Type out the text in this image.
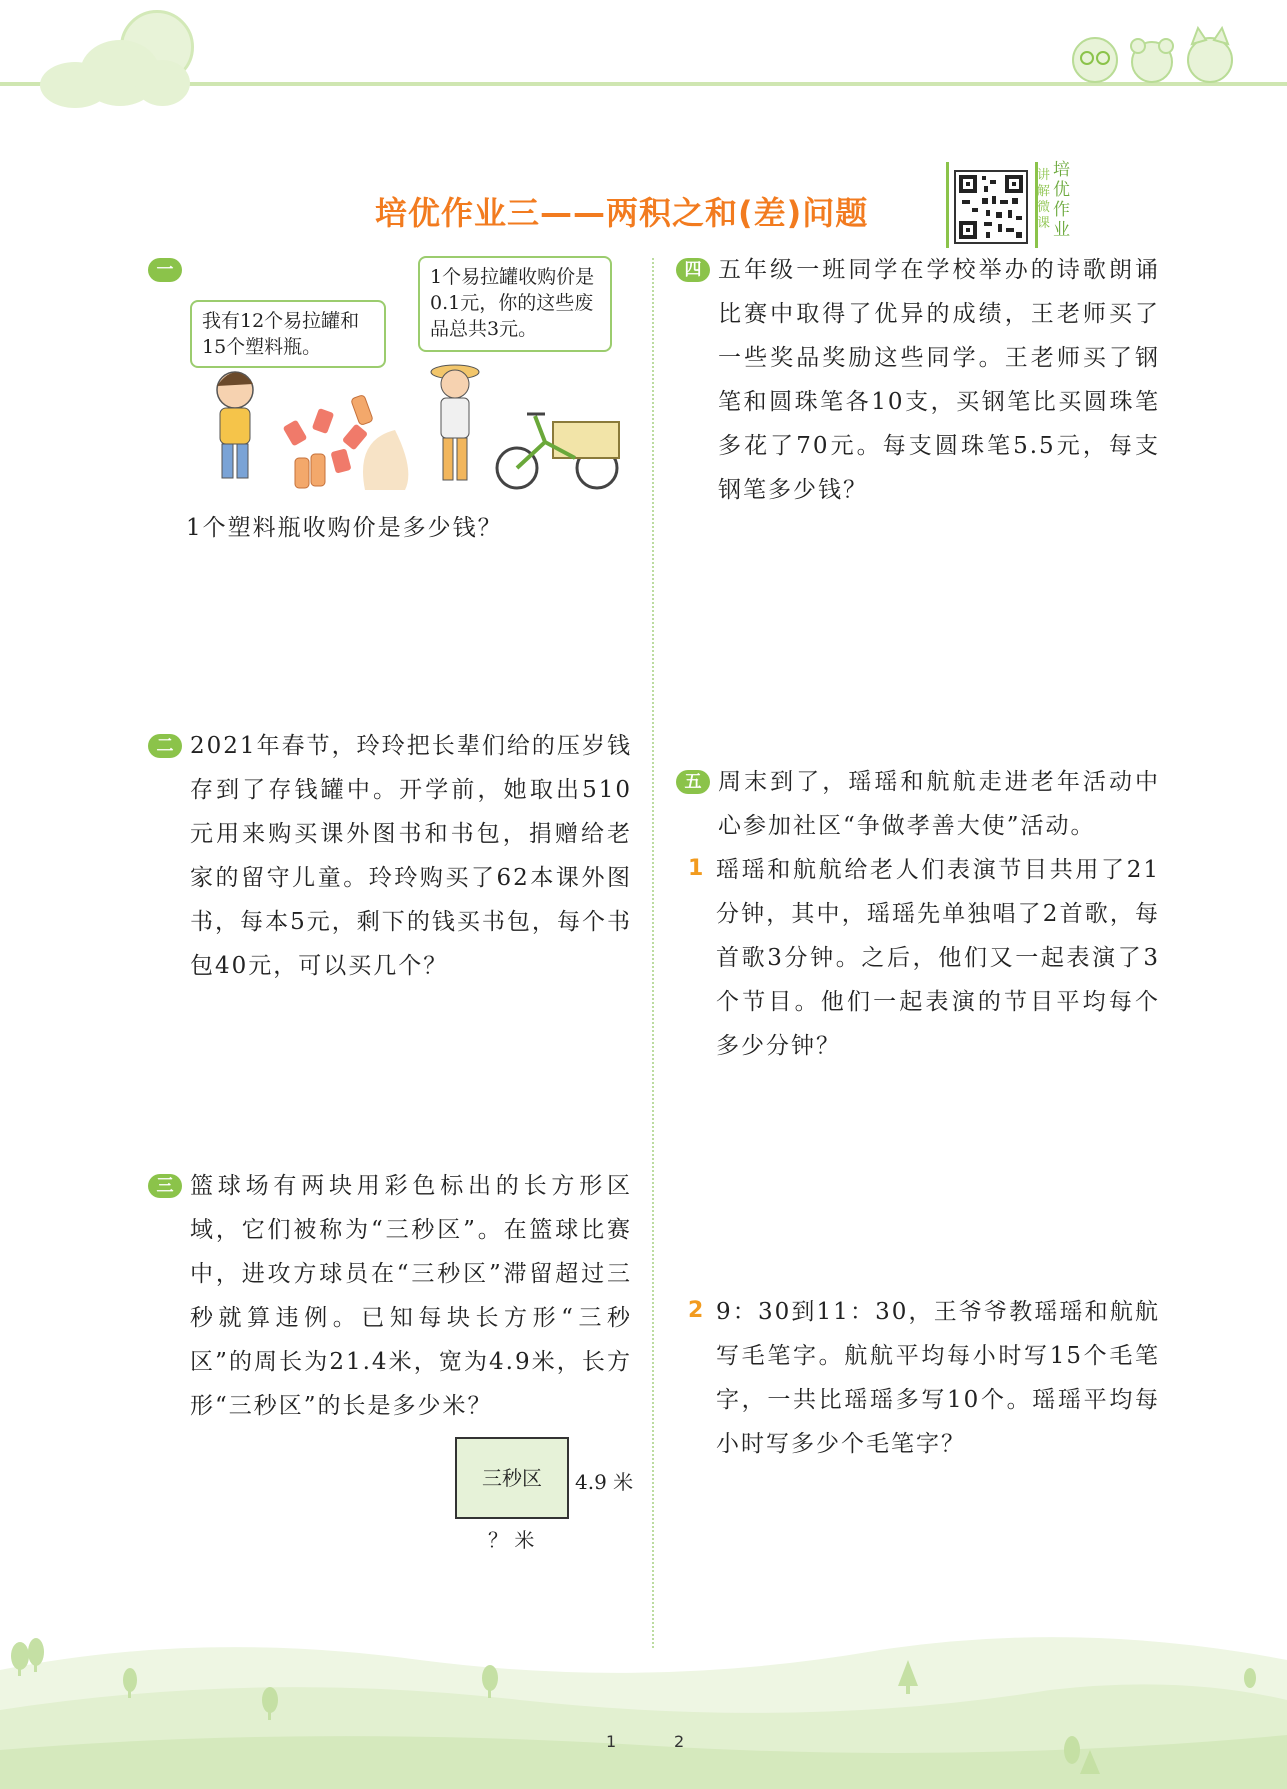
培优作业三——两积之和(差)问题
讲
解
微
课
培
优
作
业
一
我有12个易拉罐和15个塑料瓶。
1个易拉罐收购价是0.1元，你的这些废品总共3元。
1个塑料瓶收购价是多少钱？
二 2021年春节，玲玲把长辈们给的压岁钱存到了存钱罐中。开学前，她取出510元用来购买课外图书和书包，捐赠给老家的留守儿童。玲玲购买了62本课外图书，每本5元，剩下的钱买书包，每个书包40元，可以买几个？
三 篮球场有两块用彩色标出的长方形区域，它们被称为“三秒区”。在篮球比赛中，进攻方球员在“三秒区”滞留超过三秒就算违例。已知每块长方形“三秒区”的周长为21.4米，宽为4.9米，长方形“三秒区”的长是多少米？
三秒区	4.9 米
？ 米
四 五年级一班同学在学校举办的诗歌朗诵比赛中取得了优异的成绩，王老师买了一些奖品奖励这些同学。王老师买了钢笔和圆珠笔各10支，买钢笔比买圆珠笔多花了70元。每支圆珠笔5.5元，每支钢笔多少钱？
五 周末到了，瑶瑶和航航走进老年活动中心参加社区“争做孝善大使”活动。
1 瑶瑶和航航给老人们表演节目共用了21分钟，其中，瑶瑶先单独唱了2首歌，每首歌3分钟。之后，他们又一起表演了3个节目。他们一起表演的节目平均每个多少分钟？
2 9：30到11：30，王爷爷教瑶瑶和航航写毛笔字。航航平均每小时写15个毛笔字，一共比瑶瑶多写10个。瑶瑶平均每小时写多少个毛笔字？
1	2
